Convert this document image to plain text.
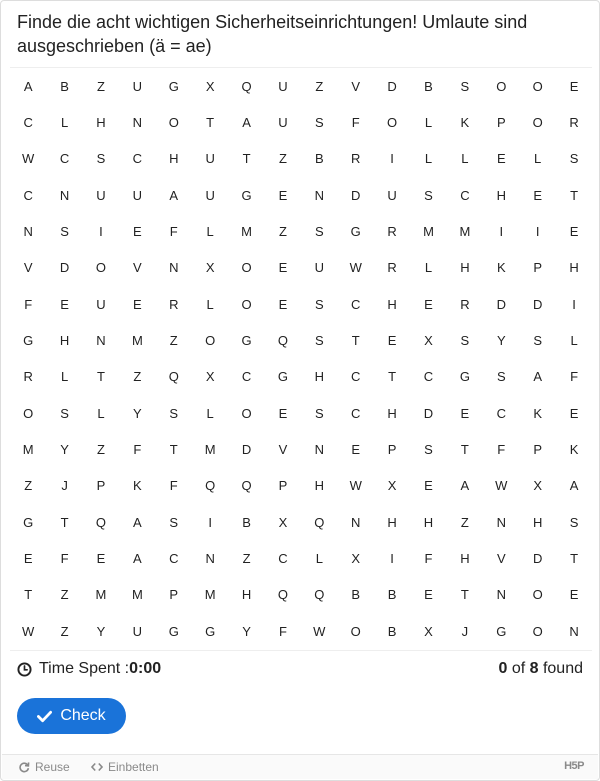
Finde die acht wichtigen Sicherheitseinrichtungen! Umlaute sind ausgeschrieben (ä = ae)
A	B	Z	U	G	X	Q	U	Z	V	D	B	S	O	O	E
C	L	H	N	O	T	A	U	S	F	O	L	K	P	O	R
W	C	S	C	H	U	T	Z	B	R	I	L	L	E	L	S
C	N	U	U	A	U	G	E	N	D	U	S	C	H	E	T
N	S	I	E	F	L	M	Z	S	G	R	M	M	I	I	E
V	D	O	V	N	X	O	E	U	W	R	L	H	K	P	H
F	E	U	E	R	L	O	E	S	C	H	E	R	D	D	I
G	H	N	M	Z	O	G	Q	S	T	E	X	S	Y	S	L
R	L	T	Z	Q	X	C	G	H	C	T	C	G	S	A	F
O	S	L	Y	S	L	O	E	S	C	H	D	E	C	K	E
M	Y	Z	F	T	M	D	V	N	E	P	S	T	F	P	K
Z	J	P	K	F	Q	Q	P	H	W	X	E	A	W	X	A
G	T	Q	A	S	I	B	X	Q	N	H	H	Z	N	H	S
E	F	E	A	C	N	Z	C	L	X	I	F	H	V	D	T
T	Z	M	M	P	M	H	Q	Q	B	B	E	T	N	O	E
W	Z	Y	U	G	G	Y	F	W	O	B	X	J	G	O	N
Time Spent : 0:00	0 of 8 found
Check
Reuse	Einbetten	H5P
